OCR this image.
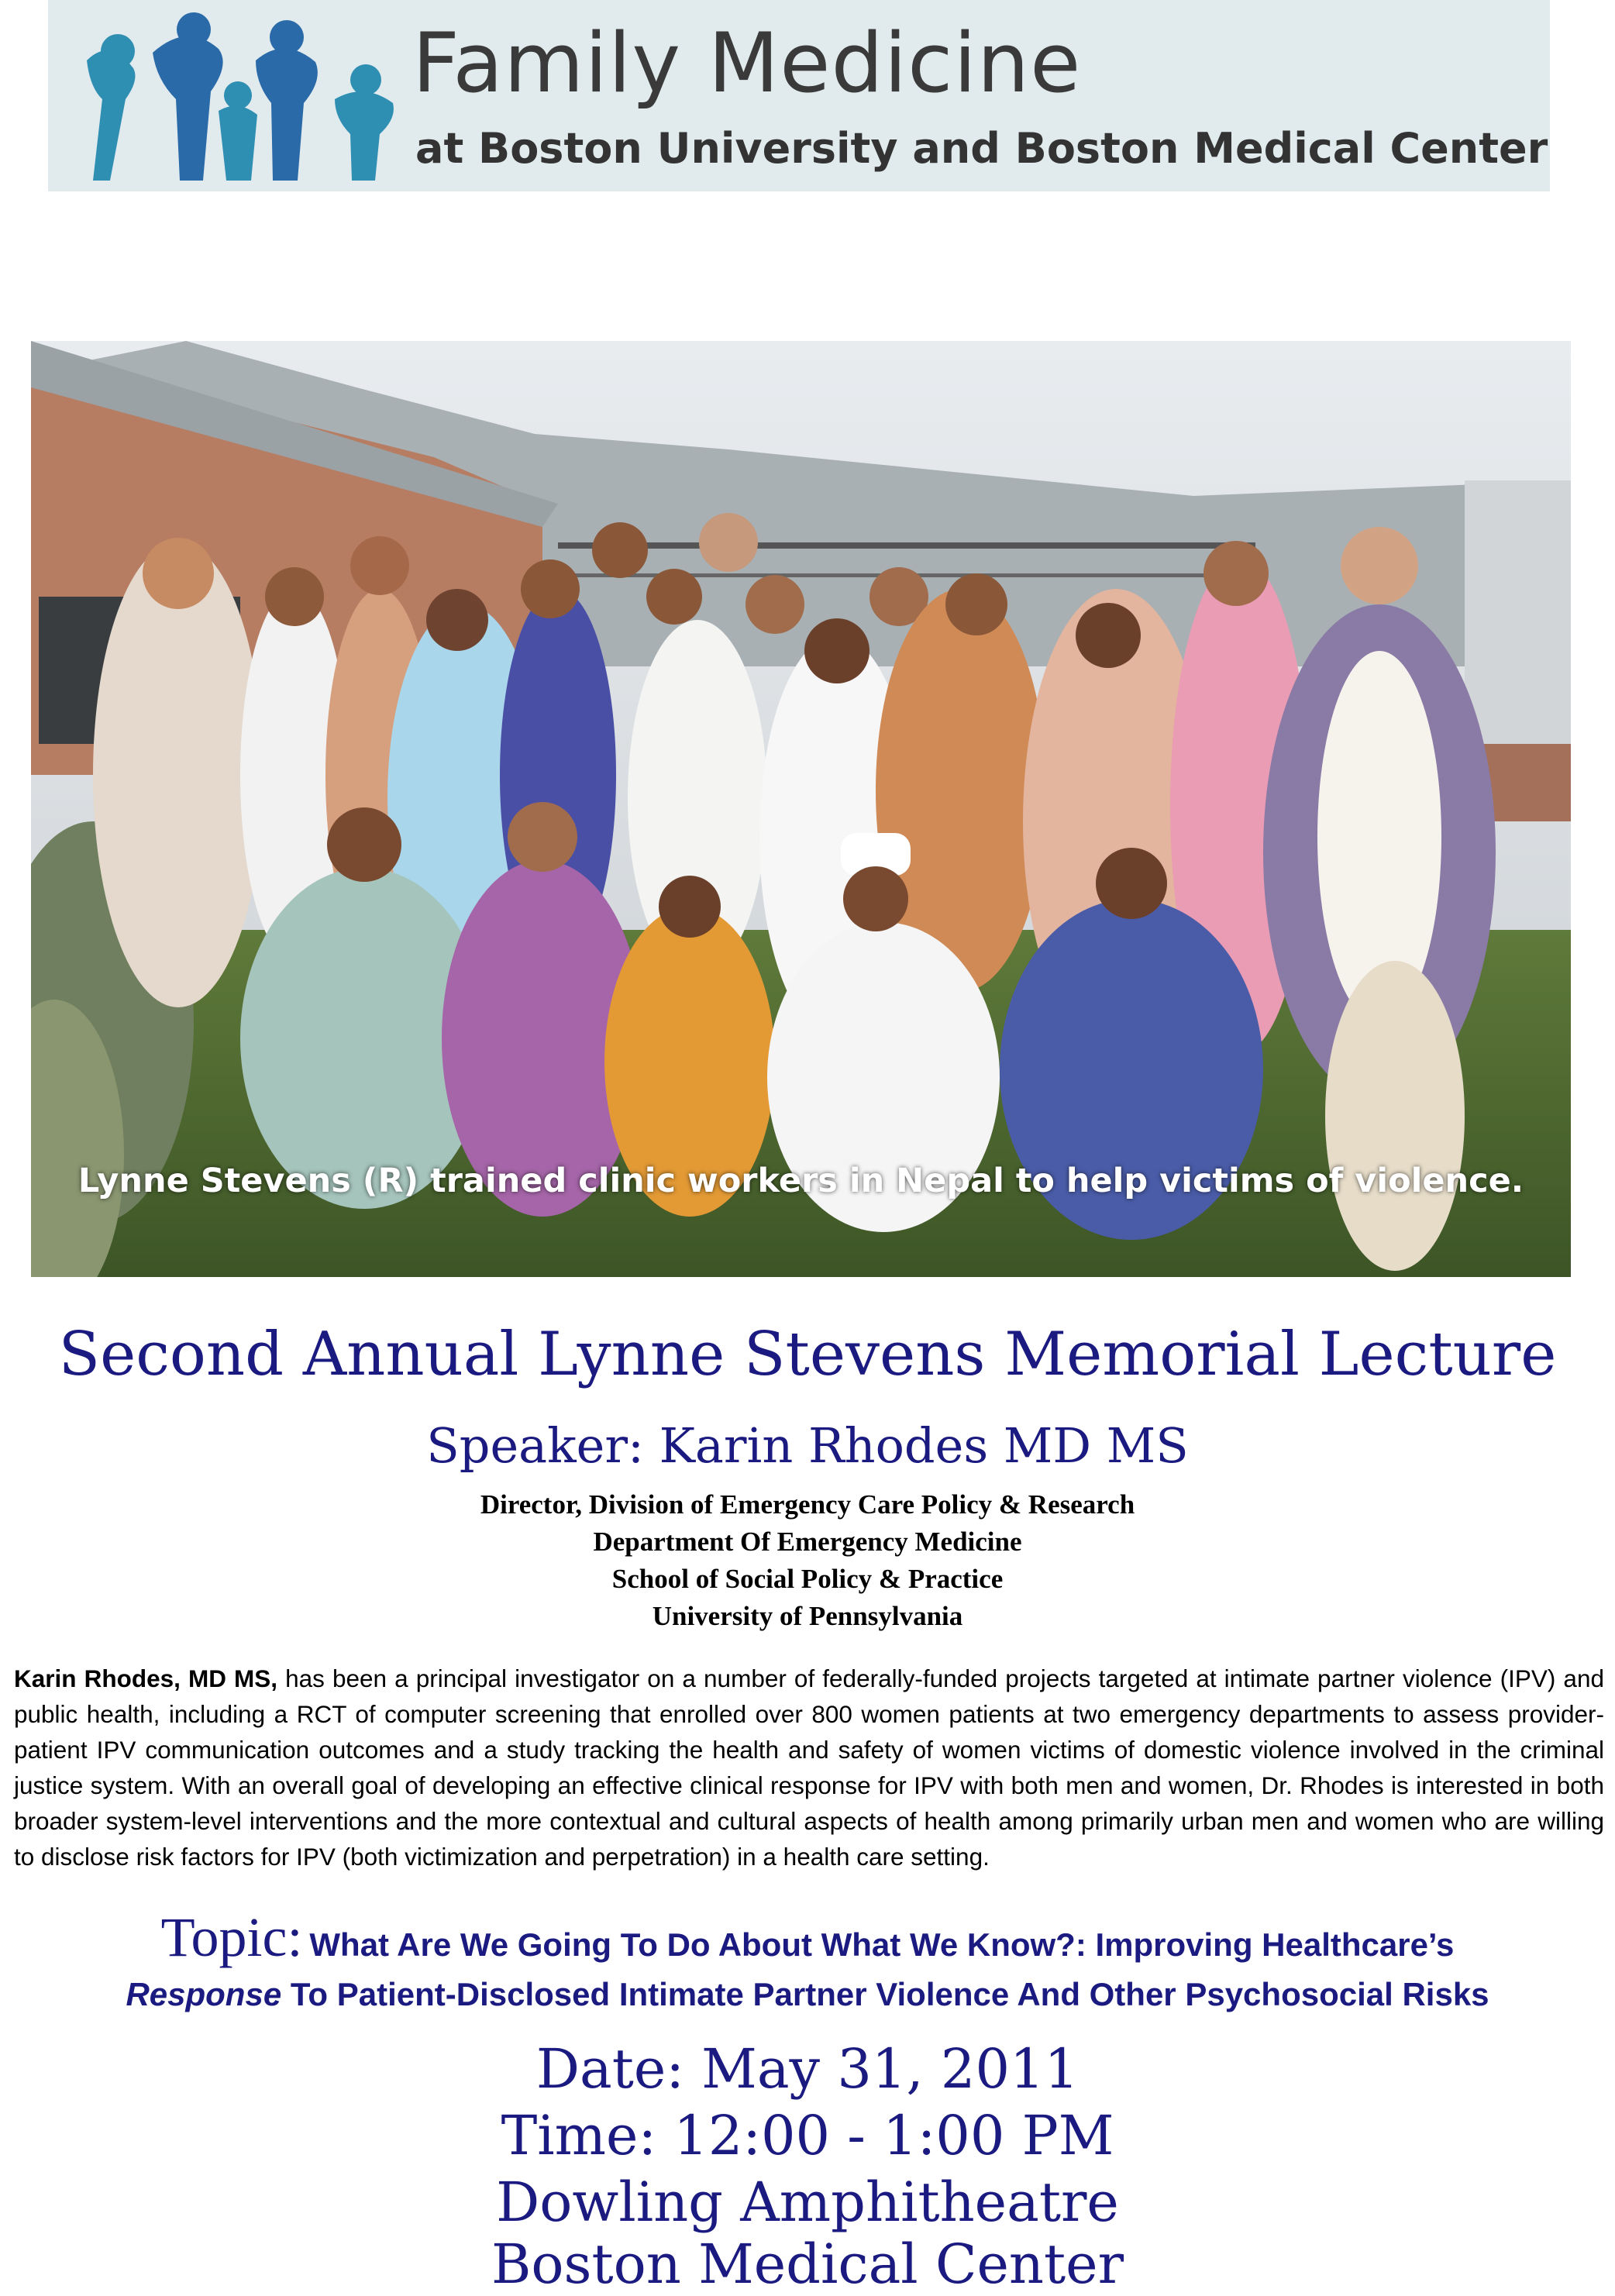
Family Medicine
at Boston University and Boston Medical Center
Lynne Stevens (R) trained clinic workers in Nepal to help victims of violence.
Second Annual Lynne Stevens Memorial Lecture
Speaker: Karin Rhodes MD MS
Director, Division of Emergency Care Policy & Research
Department Of Emergency Medicine
School of Social Policy & Practice
University of Pennsylvania
Karin Rhodes, MD MS, has been a principal investigator on a number of federally-funded projects targeted at intimate partner violence (IPV) and public health, including a RCT of computer screening that enrolled over 800 women patients at two emergency departments to assess provider-patient IPV communication outcomes and a study tracking the health and safety of women victims of domestic violence involved in the criminal justice system. With an overall goal of developing an effective clinical response for IPV with both men and women, Dr. Rhodes is interested in both broader system-level interventions and the more contextual and cultural aspects of health among primarily urban men and women who are willing to disclose risk factors for IPV (both victimization and perpetration) in a health care setting.
Topic: What Are We Going To Do About What We Know?: Improving Healthcare’s
Response To Patient-Disclosed Intimate Partner Violence And Other Psychosocial Risks
Date: May 31, 2011
Time: 12:00 - 1:00 PM
Dowling Amphitheatre
Boston Medical Center
